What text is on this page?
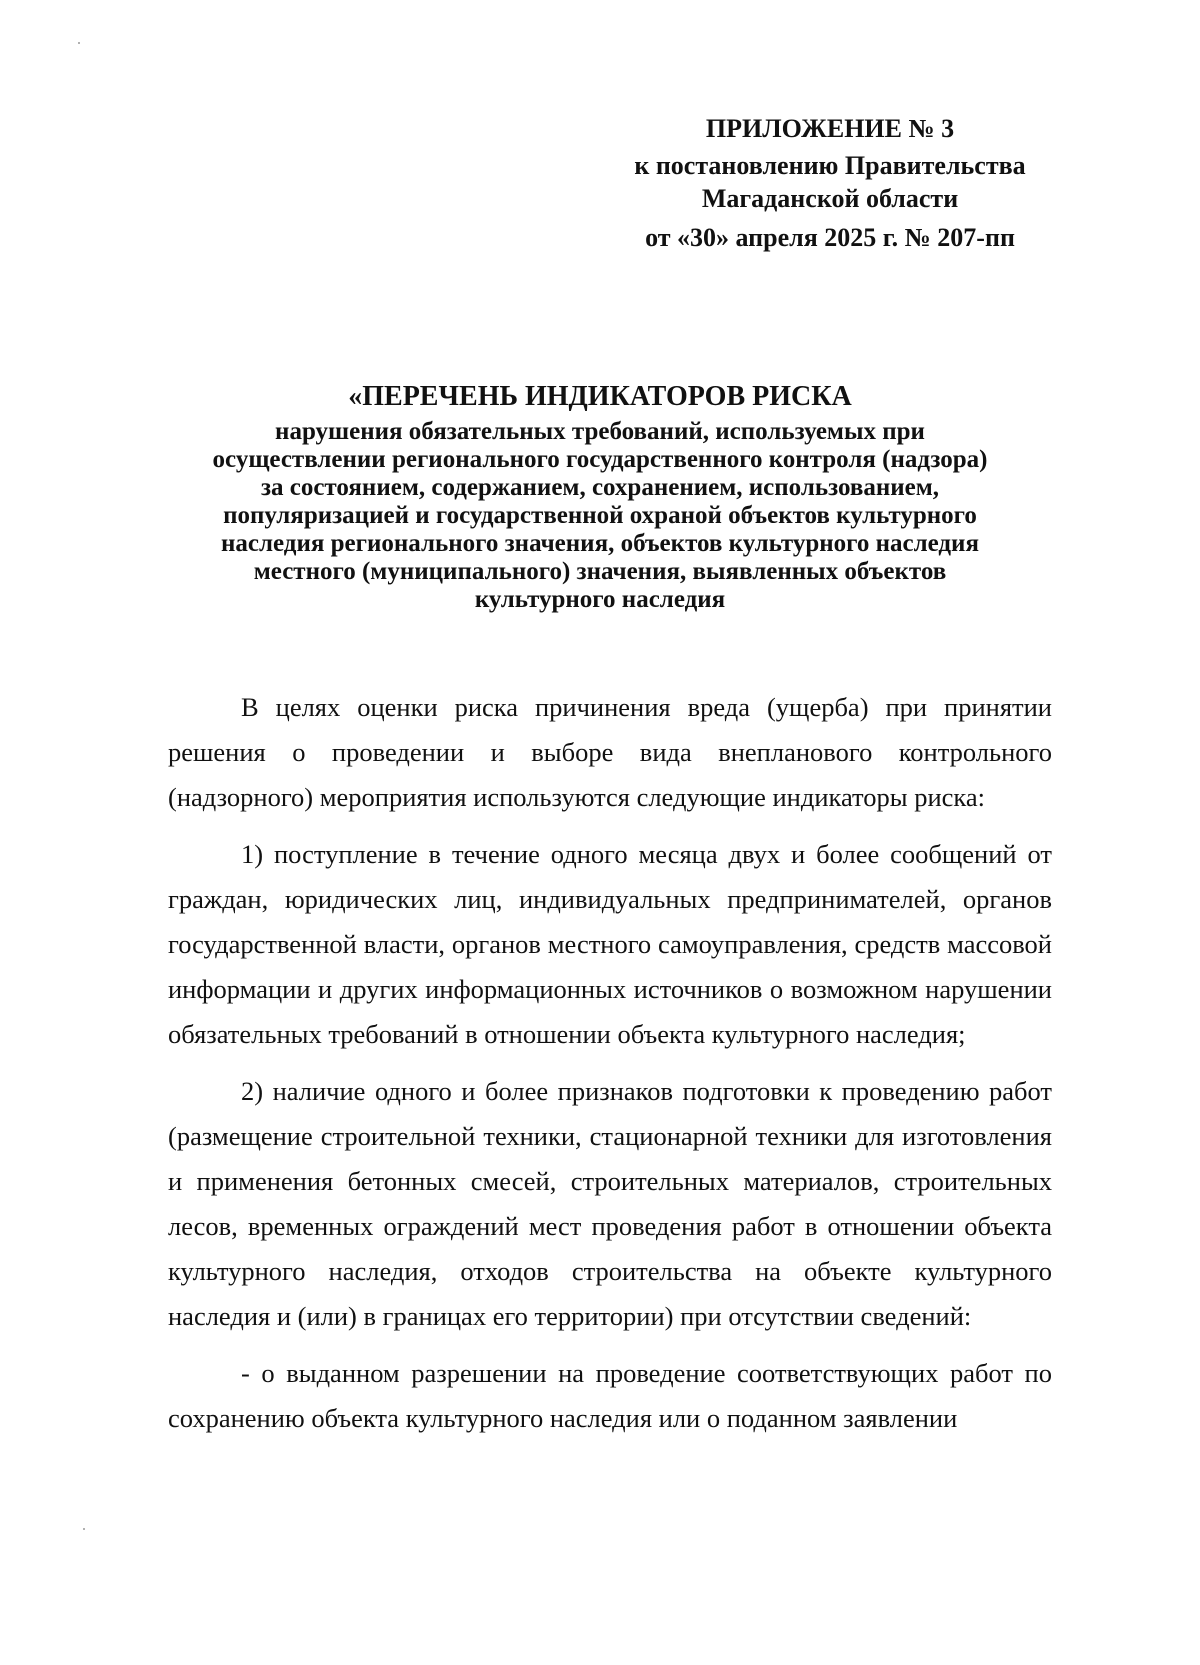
ПРИЛОЖЕНИЕ № 3
к постановлению Правительства
Магаданской области
от «30» апреля 2025 г. № 207-пп
«ПЕРЕЧЕНЬ ИНДИКАТОРОВ РИСКА
нарушения обязательных требований, используемых при
осуществлении регионального государственного контроля (надзора)
за состоянием, содержанием, сохранением, использованием,
популяризацией и государственной охраной объектов культурного
наследия регионального значения, объектов культурного наследия
местного (муниципального) значения, выявленных объектов
культурного наследия

В целях оценки риска причинения вреда (ущерба) при принятии решения о проведении и выборе вида внепланового контрольного (надзорного) мероприятия используются следующие индикаторы риска:

1) поступление в течение одного месяца двух и более сообщений от граждан, юридических лиц, индивидуальных предпринимателей, органов государственной власти, органов местного самоуправления, средств массовой информации и других информационных источников о возможном нарушении обязательных требований в отношении объекта культурного наследия;

2) наличие одного и более признаков подготовки к проведению работ (размещение строительной техники, стационарной техники для изготовления и применения бетонных смесей, строительных материалов, строительных лесов, временных ограждений мест проведения работ в отношении объекта культурного наследия, отходов строительства на объекте культурного наследия и (или) в границах его территории) при отсутствии сведений:

- о выданном разрешении на проведение соответствующих работ по сохранению объекта культурного наследия или о поданном заявлении
